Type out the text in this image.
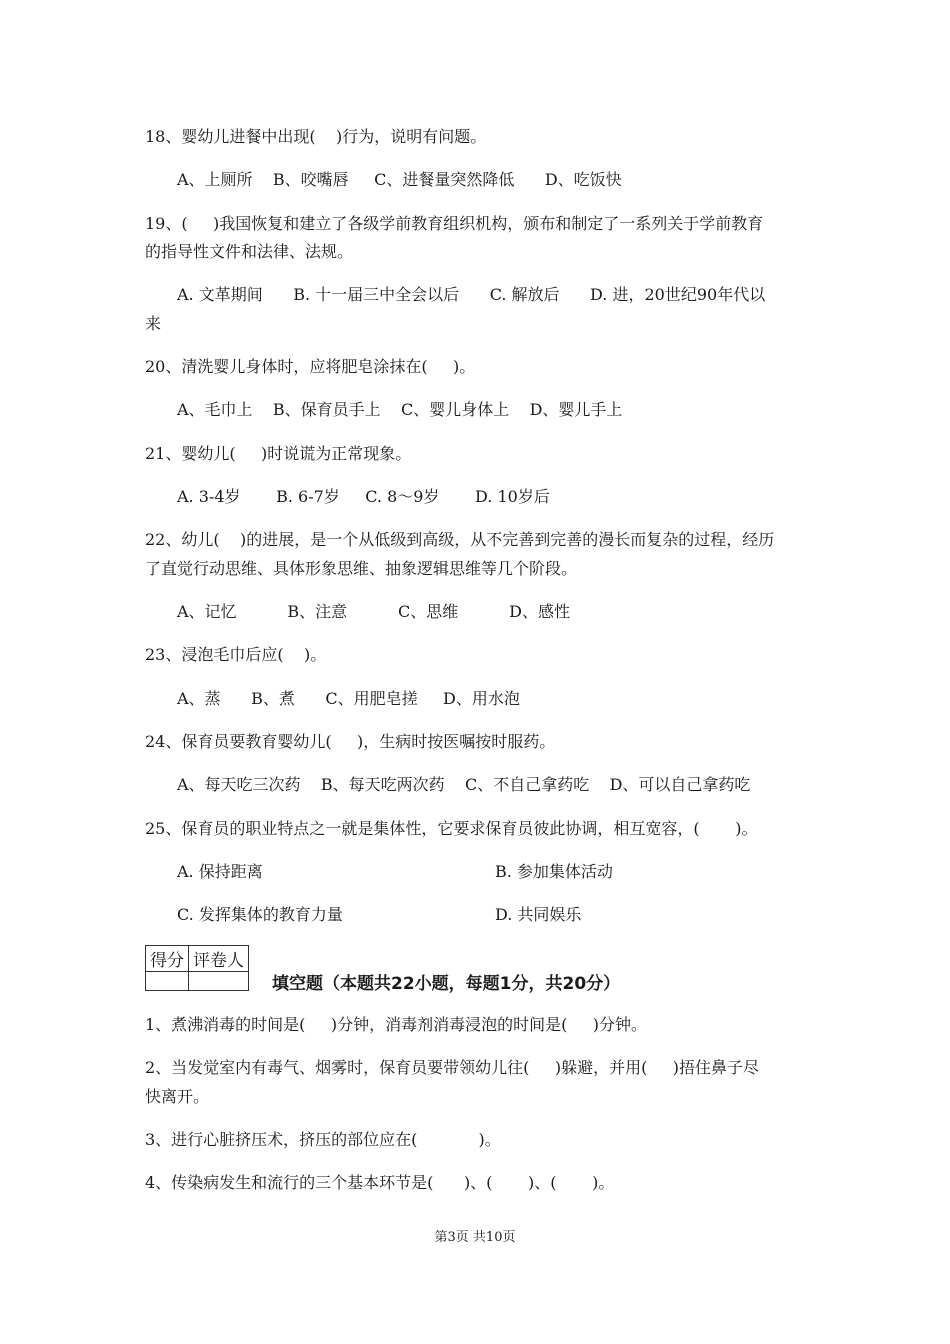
18、婴幼儿进餐中出现(    )行为，说明有问题。
A、上厕所    B、咬嘴唇     C、进餐量突然降低      D、吃饭快
19、(     )我国恢复和建立了各级学前教育组织机构，颁布和制定了一系列关于学前教育
的指导性文件和法律、法规。
A. 文革期间      B. 十一届三中全会以后      C. 解放后      D. 进，20世纪90年代以
来
20、清洗婴儿身体时，应将肥皂涂抹在(     )。
A、毛巾上    B、保育员手上    C、婴儿身体上    D、婴儿手上
21、婴幼儿(     )时说谎为正常现象。
A. 3-4岁       B. 6-7岁     C. 8～9岁       D. 10岁后
22、幼儿(    )的进展，是一个从低级到高级，从不完善到完善的漫长而复杂的过程，经历
了直觉行动思维、具体形象思维、抽象逻辑思维等几个阶段。
A、记忆          B、注意          C、思维          D、感性
23、浸泡毛巾后应(    )。
A、蒸      B、煮      C、用肥皂搓     D、用水泡
24、保育员要教育婴幼儿(     )，生病时按医嘱按时服药。
A、每天吃三次药    B、每天吃两次药    C、不自己拿药吃    D、可以自己拿药吃
25、保育员的职业特点之一就是集体性，它要求保育员彼此协调，相互宽容，(       )。
A. 保持距离	B. 参加集体活动
C. 发挥集体的教育力量	D. 共同娱乐
得分	评卷人

填空题（本题共22小题，每题1分，共20分）
1、煮沸消毒的时间是(     )分钟，消毒剂消毒浸泡的时间是(     )分钟。
2、当发觉室内有毒气、烟雾时，保育员要带领幼儿往(     )躲避，并用(     )捂住鼻子尽
快离开。
3、进行心脏挤压术，挤压的部位应在(            )。
4、传染病发生和流行的三个基本环节是(      )、(       )、(       )。
第3页 共10页
